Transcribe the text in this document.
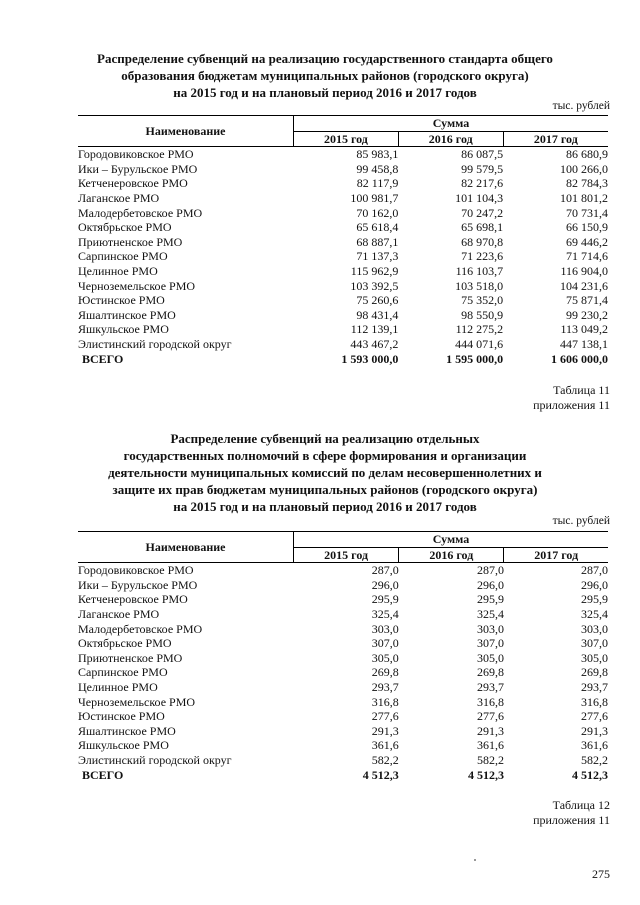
Распределение субвенций на реализацию государственного стандарта общего
образования бюджетам муниципальных районов (городского округа)
на 2015 год и на плановый период 2016 и 2017 годов
тыс. рублей
Наименование	Сумма		
	2015 год	2016 год	2017 год
Городовиковское РМО	85 983,1	86 087,5	86 680,9
Ики – Бурульское РМО	99 458,8	99 579,5	100 266,0
Кетченеровское РМО	82 117,9	82 217,6	82 784,3
Лаганское РМО	100 981,7	101 104,3	101 801,2
Малодербетовское РМО	70 162,0	70 247,2	70 731,4
Октябрьское РМО	65 618,4	65 698,1	66 150,9
Приютненское РМО	68 887,1	68 970,8	69 446,2
Сарпинское РМО	71 137,3	71 223,6	71 714,6
Целинное РМО	115 962,9	116 103,7	116 904,0
Черноземельское РМО	103 392,5	103 518,0	104 231,6
Юстинское РМО	75 260,6	75 352,0	75 871,4
Яшалтинское РМО	98 431,4	98 550,9	99 230,2
Яшкульское РМО	112 139,1	112 275,2	113 049,2
Элистинский городской округ	443 467,2	444 071,6	447 138,1
ВСЕГО	1 593 000,0	1 595 000,0	1 606 000,0
Таблица 11
приложения 11
Распределение субвенций на реализацию отдельных
государственных полномочий в сфере формирования и организации
деятельности муниципальных комиссий по делам несовершеннолетних и
защите их прав бюджетам муниципальных районов (городского округа)
на 2015 год и на плановый период 2016 и 2017 годов
тыс. рублей
Наименование	Сумма		
	2015 год	2016 год	2017 год
Городовиковское РМО	287,0	287,0	287,0
Ики – Бурульское РМО	296,0	296,0	296,0
Кетченеровское РМО	295,9	295,9	295,9
Лаганское РМО	325,4	325,4	325,4
Малодербетовское РМО	303,0	303,0	303,0
Октябрьское РМО	307,0	307,0	307,0
Приютненское РМО	305,0	305,0	305,0
Сарпинское РМО	269,8	269,8	269,8
Целинное РМО	293,7	293,7	293,7
Черноземельское РМО	316,8	316,8	316,8
Юстинское РМО	277,6	277,6	277,6
Яшалтинское РМО	291,3	291,3	291,3
Яшкульское РМО	361,6	361,6	361,6
Элистинский городской округ	582,2	582,2	582,2
ВСЕГО	4 512,3	4 512,3	4 512,3
Таблица 12
приложения 11
275
